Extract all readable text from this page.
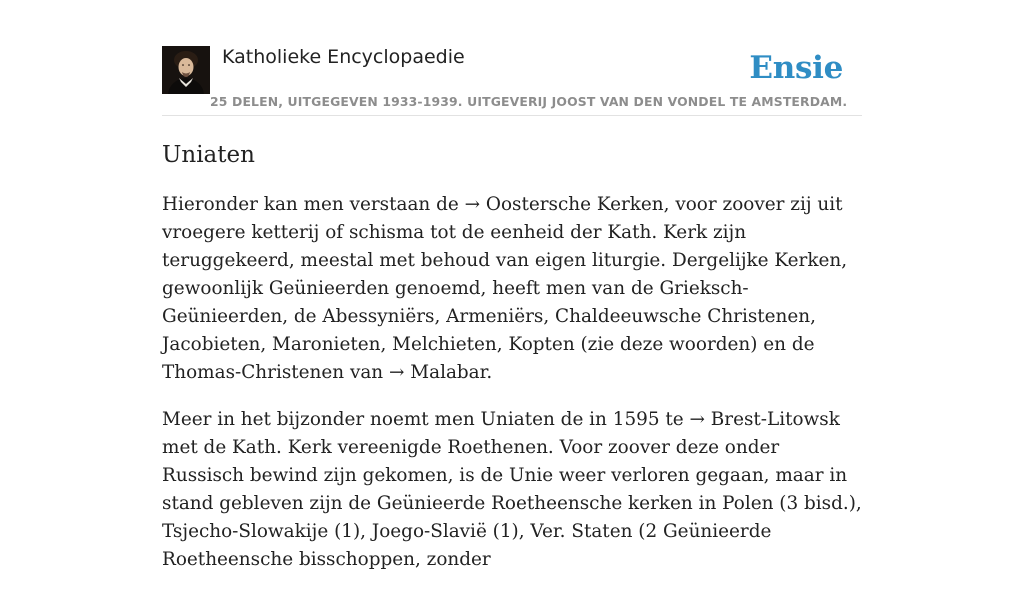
Katholieke Encyclopaedie	Ensie
25 DELEN, UITGEGEVEN 1933-1939. UITGEVERIJ JOOST VAN DEN VONDEL TE AMSTERDAM.
Uniaten

Hieronder kan men verstaan de → Oostersche Kerken, voor zoover zij uit vroegere ketterij of schisma tot de eenheid der Kath. Kerk zijn teruggekeerd, meestal met behoud van eigen liturgie. Dergelijke Kerken, gewoonlijk Geünieerden genoemd, heeft men van de Grieksch-Geünieerden, de Abessyniërs, Armeniërs, Chaldeeuwsche Christenen, Jacobieten, Maronieten, Melchieten, Kopten (zie deze woorden) en de Thomas-Christenen van → Malabar.

Meer in het bijzonder noemt men Uniaten de in 1595 te → Brest-Litowsk met de Kath. Kerk vereenigde Roethenen. Voor zoover deze onder Russisch bewind zijn gekomen, is de Unie weer verloren gegaan, maar in stand gebleven zijn de Geünieerde Roetheensche kerken in Polen (3 bisd.), Tsjecho-Slowakije (1), Joego-Slavië (1), Ver. Staten (2 Geünieerde Roetheensche bisschoppen, zonder
